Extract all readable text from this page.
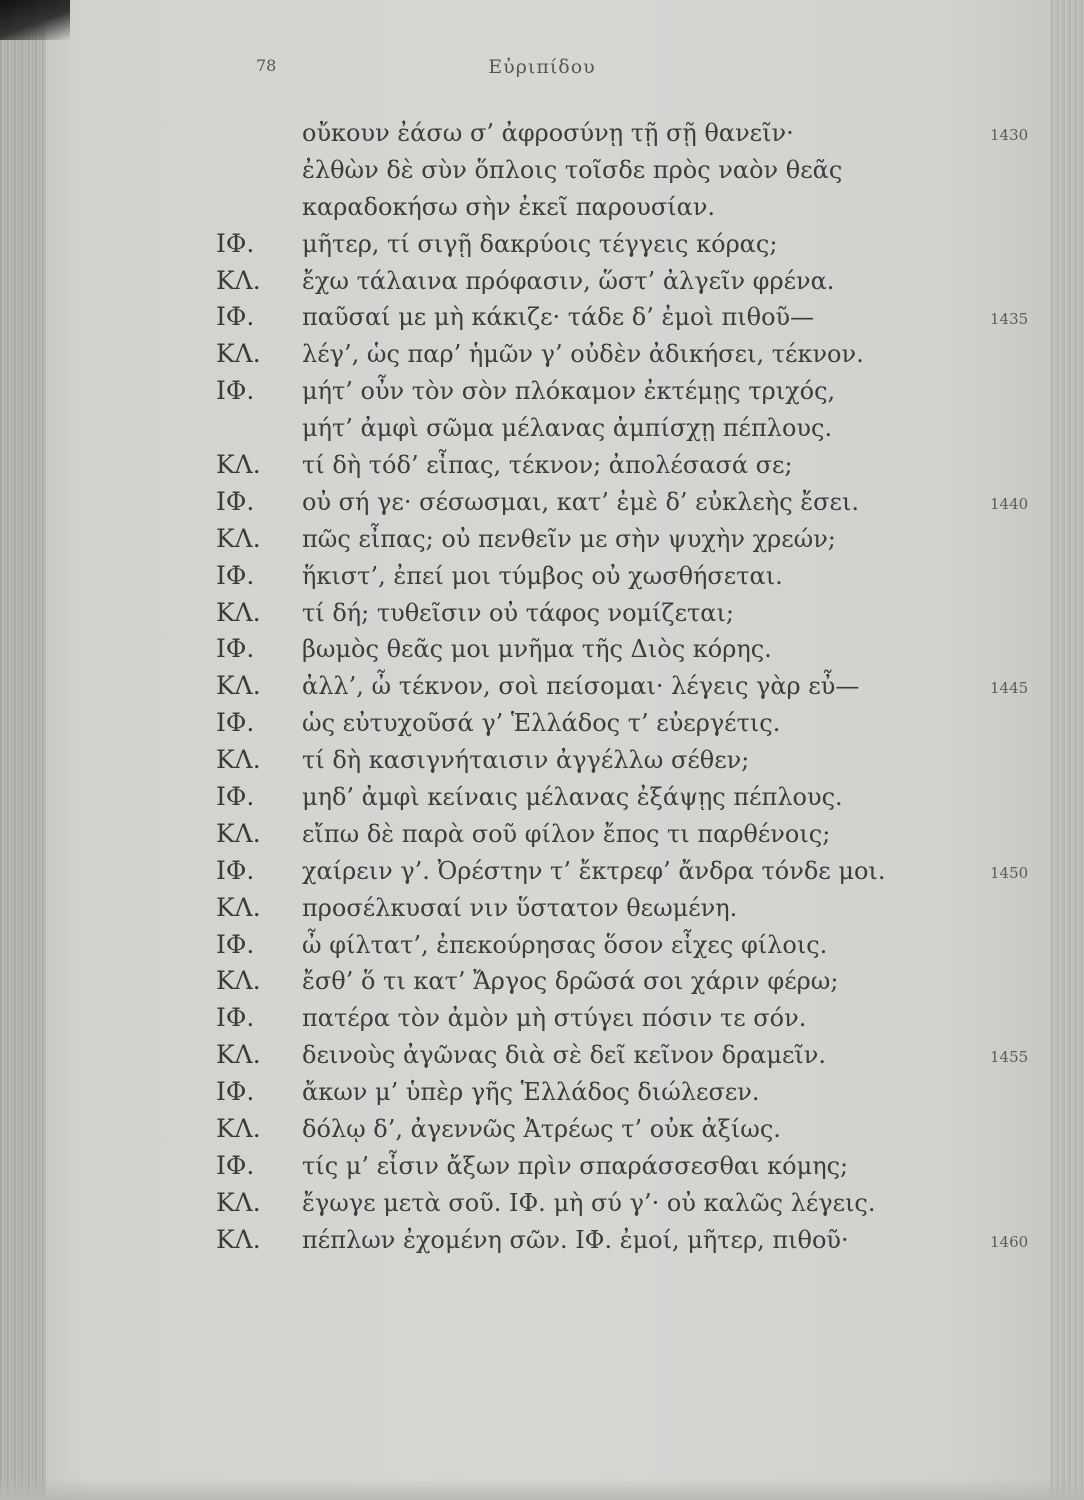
78	Εὐριπίδου
οὔκουν ἐάσω σ’ ἀφροσύνῃ τῇ σῇ θανεῖν·	1430
ἐλθὼν δὲ σὺν ὅπλοις τοῖσδε πρὸς ναὸν θεᾶς
καραδοκήσω σὴν ἐκεῖ παρουσίαν.
ΙΦ. μῆτερ, τί σιγῇ δακρύοις τέγγεις κόρας;
ΚΛ. ἔχω τάλαινα πρόφασιν, ὥστ’ ἀλγεῖν φρένα.
ΙΦ. παῦσαί με μὴ κάκιζε· τάδε δ’ ἐμοὶ πιθοῦ—	1435
ΚΛ. λέγ’, ὡς παρ’ ἡμῶν γ’ οὐδὲν ἀδικήσει, τέκνον.
ΙΦ. μήτ’ οὖν τὸν σὸν πλόκαμον ἐκτέμῃς τριχός,
μήτ’ ἀμφὶ σῶμα μέλανας ἀμπίσχῃ πέπλους.
ΚΛ. τί δὴ τόδ’ εἶπας, τέκνον; ἀπολέσασά σε;
ΙΦ. οὐ σή γε· σέσωσμαι, κατ’ ἐμὲ δ’ εὐκλεὴς ἔσει.	1440
ΚΛ. πῶς εἶπας; οὐ πενθεῖν με σὴν ψυχὴν χρεών;
ΙΦ. ἥκιστ’, ἐπεί μοι τύμβος οὐ χωσθήσεται.
ΚΛ. τί δή; τυθεῖσιν οὐ τάφος νομίζεται;
ΙΦ. βωμὸς θεᾶς μοι μνῆμα τῆς Διὸς κόρης.
ΚΛ. ἀλλ’, ὦ τέκνον, σοὶ πείσομαι· λέγεις γὰρ εὖ—	1445
ΙΦ. ὡς εὐτυχοῦσά γ’ Ἑλλάδος τ’ εὐεργέτις.
ΚΛ. τί δὴ κασιγνήταισιν ἀγγέλλω σέθεν;
ΙΦ. μηδ’ ἀμφὶ κείναις μέλανας ἐξάψῃς πέπλους.
ΚΛ. εἴπω δὲ παρὰ σοῦ φίλον ἔπος τι παρθένοις;
ΙΦ. χαίρειν γ’. Ὀρέστην τ’ ἔκτρεφ’ ἄνδρα τόνδε μοι.	1450
ΚΛ. προσέλκυσαί νιν ὕστατον θεωμένη.
ΙΦ. ὦ φίλτατ’, ἐπεκούρησας ὅσον εἶχες φίλοις.
ΚΛ. ἔσθ’ ὅ τι κατ’ Ἄργος δρῶσά σοι χάριν φέρω;
ΙΦ. πατέρα τὸν ἀμὸν μὴ στύγει πόσιν τε σόν.
ΚΛ. δεινοὺς ἀγῶνας διὰ σὲ δεῖ κεῖνον δραμεῖν.	1455
ΙΦ. ἄκων μ’ ὑπὲρ γῆς Ἑλλάδος διώλεσεν.
ΚΛ. δόλῳ δ’, ἀγεννῶς Ἀτρέως τ’ οὐκ ἀξίως.
ΙΦ. τίς μ’ εἶσιν ἄξων πρὶν σπαράσσεσθαι κόμης;
ΚΛ. ἔγωγε μετὰ σοῦ. ΙΦ. μὴ σύ γ’· οὐ καλῶς λέγεις.
ΚΛ. πέπλων ἐχομένη σῶν. ΙΦ. ἐμοί, μῆτερ, πιθοῦ·	1460
